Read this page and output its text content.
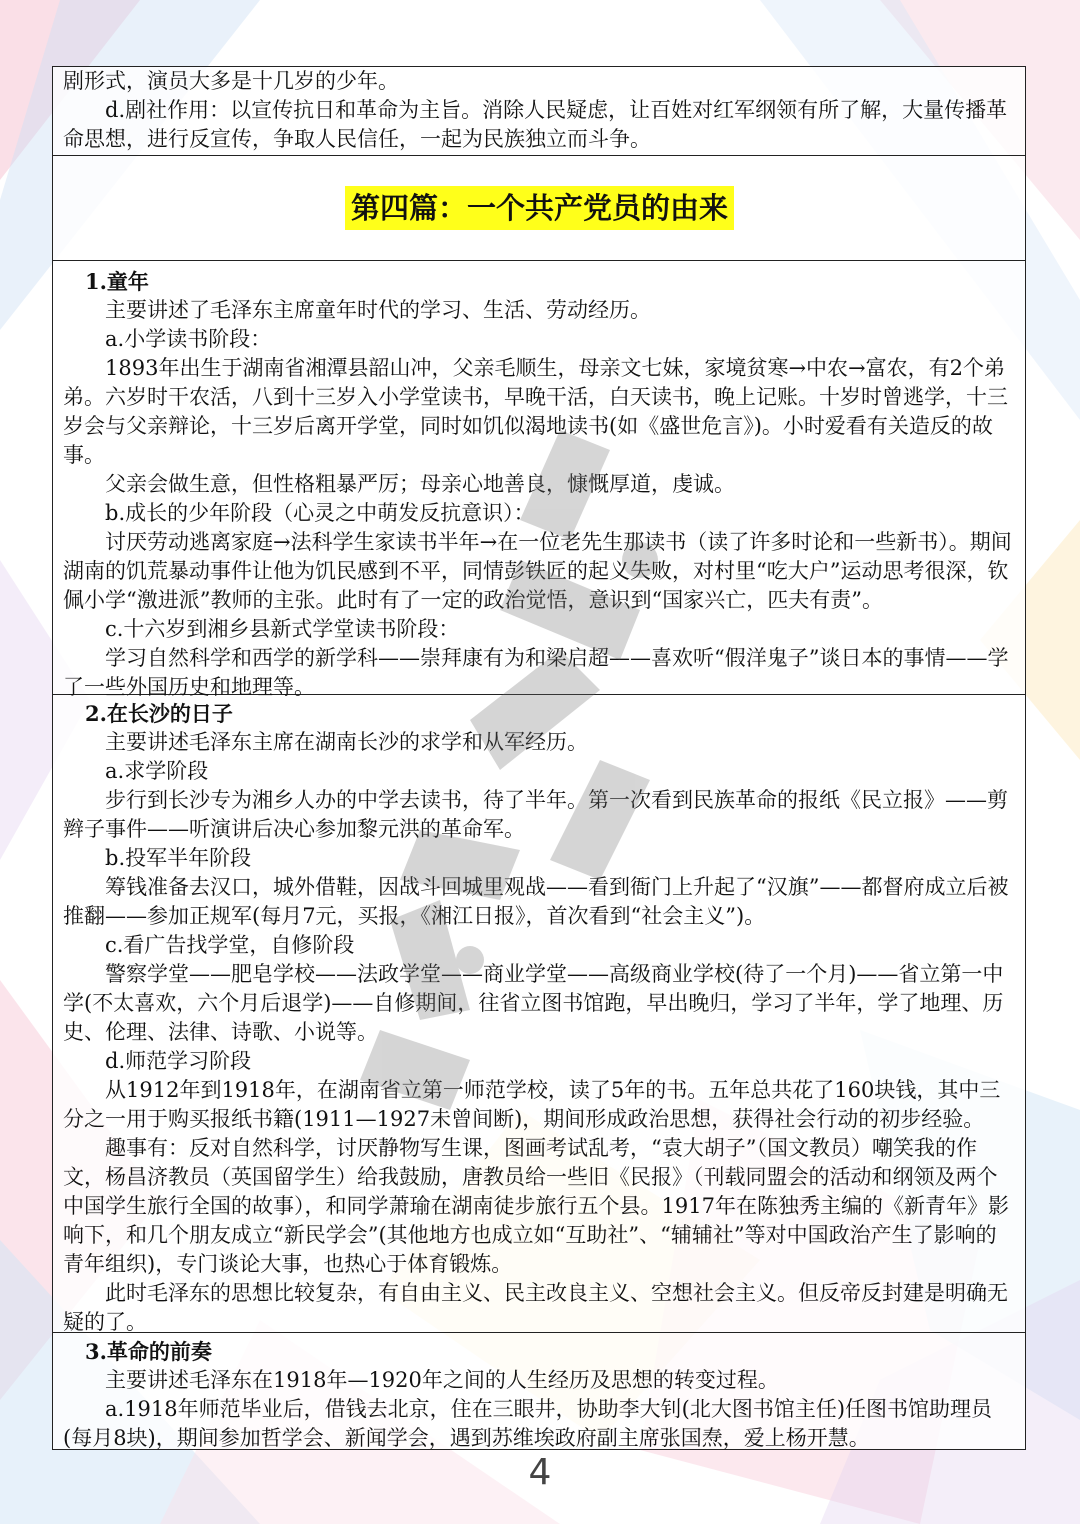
剧形式，演员大多是十几岁的少年。

d.剧社作用：以宣传抗日和革命为主旨。消除人民疑虑，让百姓对红军纲领有所了解，大量传播革命思想，进行反宣传，争取人民信任，一起为民族独立而斗争。

第四篇：一个共产党员的由来

1.童年

主要讲述了毛泽东主席童年时代的学习、生活、劳动经历。

a.小学读书阶段：

1893年出生于湖南省湘潭县韶山冲，父亲毛顺生，母亲文七妹，家境贫寒→中农→富农，有2个弟弟。六岁时干农活，八到十三岁入小学堂读书，早晚干活，白天读书，晚上记账。十岁时曾逃学，十三岁会与父亲辩论，十三岁后离开学堂，同时如饥似渴地读书(如《盛世危言》)。小时爱看有关造反的故事。

父亲会做生意，但性格粗暴严厉；母亲心地善良，慷慨厚道，虔诚。

b.成长的少年阶段（心灵之中萌发反抗意识）：

讨厌劳动逃离家庭→法科学生家读书半年→在一位老先生那读书（读了许多时论和一些新书）。期间湖南的饥荒暴动事件让他为饥民感到不平，同情彭铁匠的起义失败，对村里“吃大户”运动思考很深，钦佩小学“激进派”教师的主张。此时有了一定的政治觉悟，意识到“国家兴亡，匹夫有责”。

c.十六岁到湘乡县新式学堂读书阶段：

学习自然科学和西学的新学科——崇拜康有为和梁启超——喜欢听“假洋鬼子”谈日本的事情——学了一些外国历史和地理等。

2.在长沙的日子

主要讲述毛泽东主席在湖南长沙的求学和从军经历。

a.求学阶段

步行到长沙专为湘乡人办的中学去读书，待了半年。第一次看到民族革命的报纸《民立报》——剪辫子事件——听演讲后决心参加黎元洪的革命军。

b.投军半年阶段

筹钱准备去汉口，城外借鞋，因战斗回城里观战——看到衙门上升起了“汉旗”——都督府成立后被推翻——参加正规军(每月7元，买报，《湘江日报》，首次看到“社会主义”)。

c.看广告找学堂，自修阶段

警察学堂——肥皂学校——法政学堂——商业学堂——高级商业学校(待了一个月)——省立第一中学(不太喜欢，六个月后退学)——自修期间，往省立图书馆跑，早出晚归，学习了半年，学了地理、历史、伦理、法律、诗歌、小说等。

d.师范学习阶段

从1912年到1918年，在湖南省立第一师范学校，读了5年的书。五年总共花了160块钱，其中三分之一用于购买报纸书籍(1911—1927未曾间断)，期间形成政治思想，获得社会行动的初步经验。

趣事有：反对自然科学，讨厌静物写生课，图画考试乱考，“袁大胡子”（国文教员）嘲笑我的作文，杨昌济教员（英国留学生）给我鼓励，唐教员给一些旧《民报》（刊载同盟会的活动和纲领及两个中国学生旅行全国的故事），和同学萧瑜在湖南徒步旅行五个县。1917年在陈独秀主编的《新青年》影响下，和几个朋友成立“新民学会”(其他地方也成立如“互助社”、“辅辅社”等对中国政治产生了影响的青年组织)，专门谈论大事，也热心于体育锻炼。

此时毛泽东的思想比较复杂，有自由主义、民主改良主义、空想社会主义。但反帝反封建是明确无疑的了。

3.革命的前奏

主要讲述毛泽东在1918年—1920年之间的人生经历及思想的转变过程。

a.1918年师范毕业后，借钱去北京，住在三眼井，协助李大钊(北大图书馆主任)任图书馆助理员(每月8块)，期间参加哲学会、新闻学会，遇到苏维埃政府副主席张国焘，爱上杨开慧。

4
